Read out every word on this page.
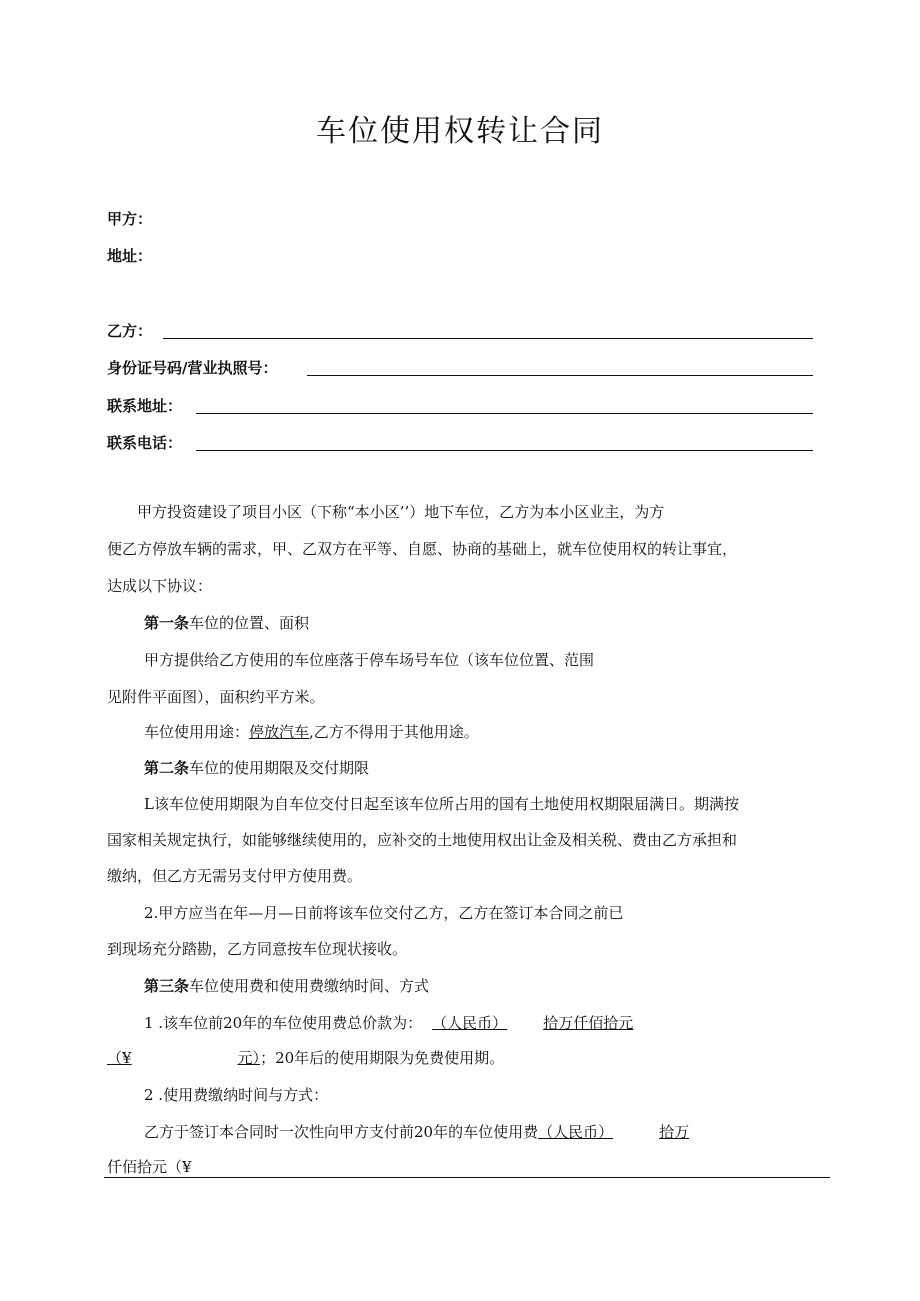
车位使用权转让合同
甲方：
地址：
乙方：
身份证号码/营业执照号：
联系地址：
联系电话：
甲方投资建设了项目小区（下称“本小区’’）地下车位，乙方为本小区业主，为方
便乙方停放车辆的需求，甲、乙双方在平等、自愿、协商的基础上，就车位使用权的转让事宜，
达成以下协议：
第一条车位的位置、面积
甲方提供给乙方使用的车位座落于停车场号车位（该车位位置、范围
见附件平面图），面积约平方米。
车位使用用途：停放汽车,乙方不得用于其他用途。
第二条车位的使用期限及交付期限
L该车位使用期限为自车位交付日起至该车位所占用的国有土地使用权期限届满日。期满按
国家相关规定执行，如能够继续使用的，应补交的土地使用权出让金及相关税、费由乙方承担和
缴纳，但乙方无需另支付甲方使用费。
2.甲方应当在年—月—日前将该车位交付乙方，乙方在签订本合同之前已
到现场充分踏勘，乙方同意按车位现状接收。
第三条车位使用费和使用费缴纳时间、方式
1 .该车位前20年的车位使用费总价款为： （人民币） 拾万仟佰拾元
（¥	元）；20年后的使用期限为免费使用期。
2 .使用费缴纳时间与方式：
乙方于签订本合同时一次性向甲方支付前20年的车位使用费（人民币）	拾万
仟佰拾元（¥
